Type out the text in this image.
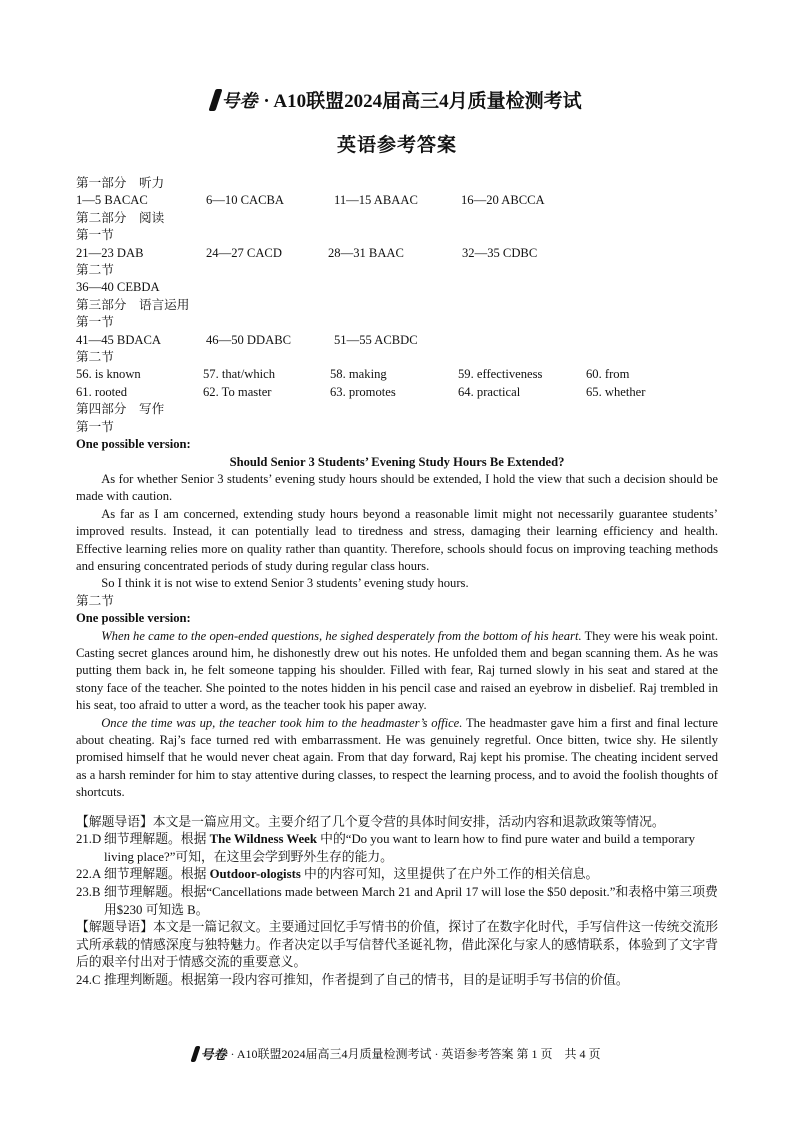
号卷 · A10联盟2024届高三4月质量检测考试
英语参考答案
第一部分　听力
1—5 BACAC	6—10 CACBA	11—15 ABAAC	16—20 ABCCA
第二部分　阅读
第一节
21—23 DAB	24—27 CACD	28—31 BAAC	32—35 CDBC
第二节
36—40 CEBDA
第三部分　语言运用
第一节
41—45 BDACA	46—50 DDABC	51—55 ACBDC
第二节
56. is known	57. that/which	58. making	59. effectiveness	60. from
61. rooted	62. To master	63. promotes	64. practical	65. whether
第四部分　写作
第一节
One possible version:
Should Senior 3 Students’ Evening Study Hours Be Extended?
As for whether Senior 3 students’ evening study hours should be extended, I hold the view that such a decision should be made with caution.
As far as I am concerned, extending study hours beyond a reasonable limit might not necessarily guarantee students’ improved results. Instead, it can potentially lead to tiredness and stress, damaging their learning efficiency and health. Effective learning relies more on quality rather than quantity. Therefore, schools should focus on improving teaching methods and ensuring concentrated periods of study during regular class hours.
So I think it is not wise to extend Senior 3 students’ evening study hours.
第二节
One possible version:
When he came to the open-ended questions, he sighed desperately from the bottom of his heart. They were his weak point. Casting secret glances around him, he dishonestly drew out his notes. He unfolded them and began scanning them. As he was putting them back in, he felt someone tapping his shoulder. Filled with fear, Raj turned slowly in his seat and stared at the stony face of the teacher. She pointed to the notes hidden in his pencil case and raised an eyebrow in disbelief. Raj trembled in his seat, too afraid to utter a word, as the teacher took his paper away.
Once the time was up, the teacher took him to the headmaster’s office. The headmaster gave him a first and final lecture about cheating. Raj’s face turned red with embarrassment. He was genuinely regretful. Once bitten, twice shy. He silently promised himself that he would never cheat again. From that day forward, Raj kept his promise. The cheating incident served as a harsh reminder for him to stay attentive during classes, to respect the learning process, and to avoid the foolish thoughts of shortcuts.
【解题导语】本文是一篇应用文。主要介绍了几个夏令营的具体时间安排，活动内容和退款政策等情况。
21.D 细节理解题。根据 The Wildness Week 中的“Do you want to learn how to find pure water and build a temporary living place?”可知，在这里会学到野外生存的能力。
22.A 细节理解题。根据 Outdoor-ologists 中的内容可知，这里提供了在户外工作的相关信息。
23.B 细节理解题。根据“Cancellations made between March 21 and April 17 will lose the $50 deposit.”和表格中第三项费用$230 可知选 B。
【解题导语】本文是一篇记叙文。主要通过回忆手写情书的价值，探讨了在数字化时代，手写信件这一传统交流形式所承载的情感深度与独特魅力。作者决定以手写信替代圣诞礼物，借此深化与家人的感情联系，体验到了文字背后的艰辛付出对于情感交流的重要意义。
24.C 推理判断题。根据第一段内容可推知，作者提到了自己的情书，目的是证明手写书信的价值。
号卷 · A10联盟2024届高三4月质量检测考试 · 英语参考答案 第 1 页　共 4 页
